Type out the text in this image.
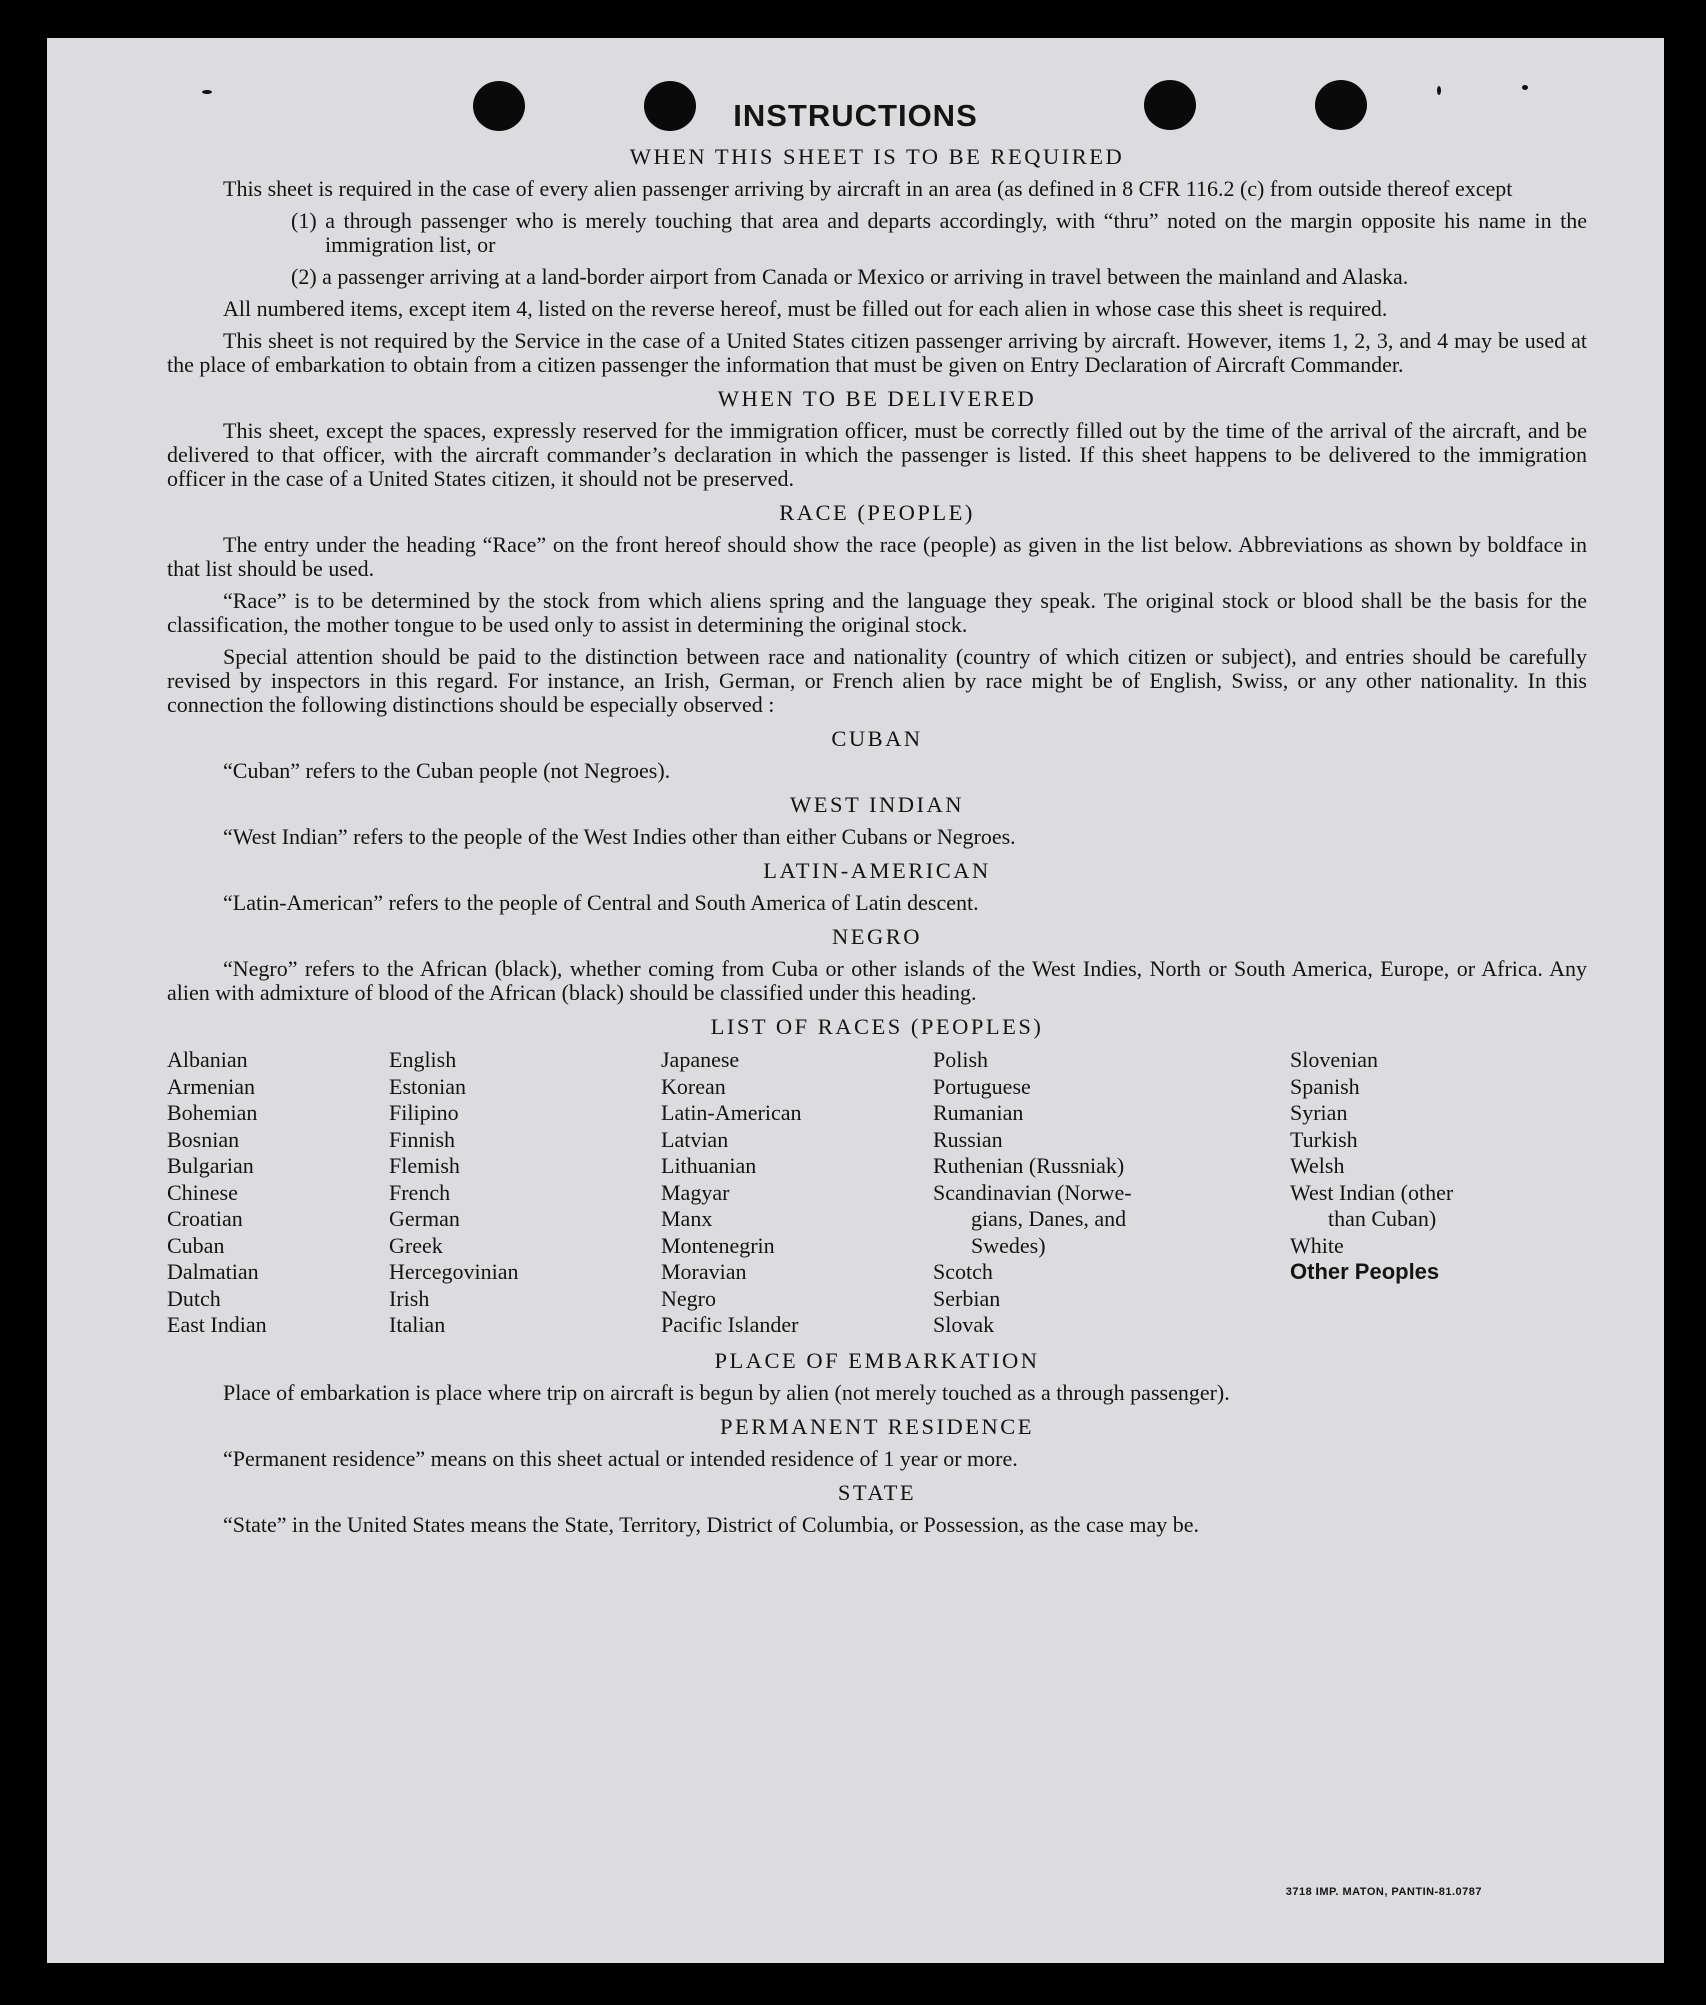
INSTRUCTIONS
WHEN THIS SHEET IS TO BE REQUIRED

This sheet is required in the case of every alien passenger arriving by aircraft in an area (as defined in 8 CFR 116.2 (c) from outside thereof except

(1) a through passenger who is merely touching that area and departs accordingly, with “thru” noted on the margin opposite his name in the immigration list, or
(2) a passenger arriving at a land-border airport from Canada or Mexico or arriving in travel between the mainland and Alaska.

All numbered items, except item 4, listed on the reverse hereof, must be filled out for each alien in whose case this sheet is required.

This sheet is not required by the Service in the case of a United States citizen passenger arriving by aircraft. However, items 1, 2, 3, and 4 may be used at the place of embarkation to obtain from a citizen passenger the information that must be given on Entry Declaration of Aircraft Commander.

WHEN TO BE DELIVERED

This sheet, except the spaces, expressly reserved for the immigration officer, must be correctly filled out by the time of the arrival of the aircraft, and be delivered to that officer, with the aircraft commander’s declaration in which the passenger is listed. If this sheet happens to be delivered to the immigration officer in the case of a United States citizen, it should not be preserved.

RACE (PEOPLE)

The entry under the heading “Race” on the front hereof should show the race (people) as given in the list below. Abbreviations as shown by boldface in that list should be used.

“Race” is to be determined by the stock from which aliens spring and the language they speak. The original stock or blood shall be the basis for the classification, the mother tongue to be used only to assist in determining the original stock.

Special attention should be paid to the distinction between race and nationality (country of which citizen or subject), and entries should be carefully revised by inspectors in this regard. For instance, an Irish, German, or French alien by race might be of English, Swiss, or any other nationality. In this connection the following distinctions should be especially observed :

CUBAN

“Cuban” refers to the Cuban people (not Negroes).

WEST INDIAN

“West Indian” refers to the people of the West Indies other than either Cubans or Negroes.

LATIN-AMERICAN

“Latin-American” refers to the people of Central and South America of Latin descent.

NEGRO

“Negro” refers to the African (black), whether coming from Cuba or other islands of the West Indies, North or South America, Europe, or Africa. Any alien with admixture of blood of the African (black) should be classified under this heading.

LIST OF RACES (PEOPLES)
Albanian
Armenian
Bohemian
Bosnian
Bulgarian
Chinese
Croatian
Cuban
Dalmatian
Dutch
East Indian
English
Estonian
Filipino
Finnish
Flemish
French
German
Greek
Hercegovinian
Irish
Italian
Japanese
Korean
Latin-American
Latvian
Lithuanian
Magyar
Manx
Montenegrin
Moravian
Negro
Pacific Islander
Polish
Portuguese
Rumanian
Russian
Ruthenian (Russniak)
Scandinavian (Norwe-
gians, Danes, and
Swedes)
Scotch
Serbian
Slovak
Slovenian
Spanish
Syrian
Turkish
Welsh
West Indian (other
than Cuban)
White
Other Peoples
PLACE OF EMBARKATION

Place of embarkation is place where trip on aircraft is begun by alien (not merely touched as a through passenger).

PERMANENT RESIDENCE

“Permanent residence” means on this sheet actual or intended residence of 1 year or more.

STATE

“State” in the United States means the State, Territory, District of Columbia, or Possession, as the case may be.

3718 IMP. MATON, PANTIN-81.0787
